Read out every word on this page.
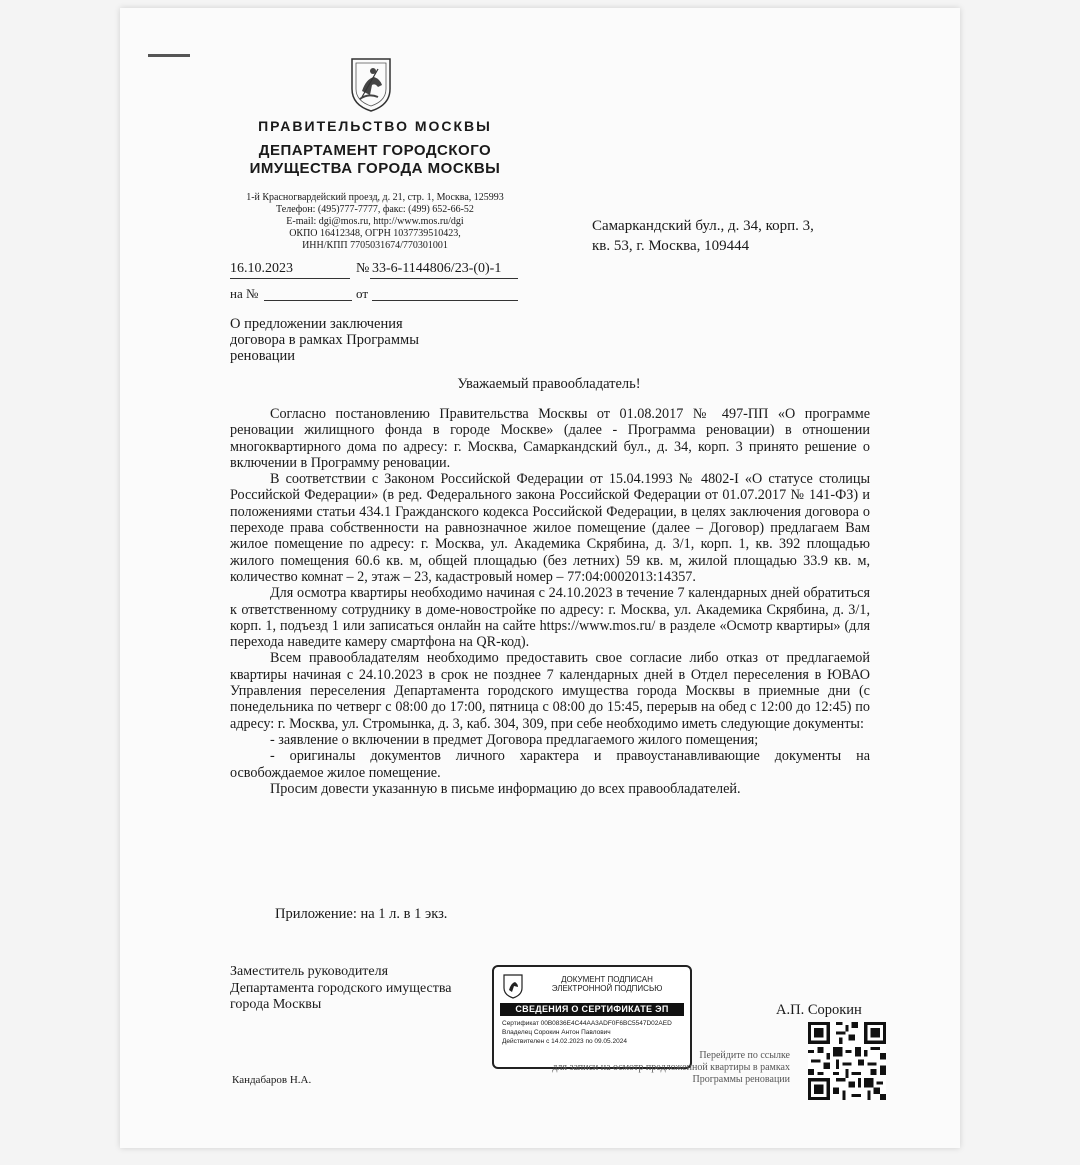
ПРАВИТЕЛЬСТВО МОСКВЫ
ДЕПАРТАМЕНТ ГОРОДСКОГО
ИМУЩЕСТВА ГОРОДА МОСКВЫ
1-й Красногвардейский проезд, д. 21, стр. 1, Москва, 125993
Телефон: (495)777-7777, факс: (499) 652-66-52
E-mail: dgi@mos.ru, http://www.mos.ru/dgi
ОКПО 16412348, ОГРН 1037739510423,
ИНН/КПП 7705031674/770301001
Самаркандский бул., д. 34, корп. 3,
кв. 53, г. Москва, 109444
16.10.2023	№ 33-6-1144806/23-(0)-1
на №	от
О предложении заключения
договора в рамках Программы
реновации
Уважаемый правообладатель!

Согласно постановлению Правительства Москвы от 01.08.2017 № 497-ПП «О программе реновации жилищного фонда в городе Москве» (далее - Программа реновации) в отношении многоквартирного дома по адресу: г. Москва, Самаркандский бул., д. 34, корп. 3 принято решение о включении в Программу реновации.

В соответствии с Законом Российской Федерации от 15.04.1993 № 4802-I «О статусе столицы Российской Федерации» (в ред. Федерального закона Российской Федерации от 01.07.2017 № 141-ФЗ) и положениями статьи 434.1 Гражданского кодекса Российской Федерации, в целях заключения договора о переходе права собственности на равнозначное жилое помещение (далее – Договор) предлагаем Вам жилое помещение по адресу: г. Москва, ул. Академика Скрябина, д. 3/1, корп. 1, кв. 392 площадью жилого помещения 60.6 кв. м, общей площадью (без летних) 59 кв. м, жилой площадью 33.9 кв. м, количество комнат – 2, этаж – 23, кадастровый номер – 77:04:0002013:14357.

Для осмотра квартиры необходимо начиная с 24.10.2023 в течение 7 календарных дней обратиться к ответственному сотруднику в доме-новостройке по адресу: г. Москва, ул. Академика Скрябина, д. 3/1, корп. 1, подъезд 1 или записаться онлайн на сайте https://www.mos.ru/ в разделе «Осмотр квартиры» (для перехода наведите камеру смартфона на QR-код).

Всем правообладателям необходимо предоставить свое согласие либо отказ от предлагаемой квартиры начиная с 24.10.2023 в срок не позднее 7 календарных дней в Отдел переселения в ЮВАО Управления переселения Департамента городского имущества города Москвы в приемные дни (с понедельника по четверг с 08:00 до 17:00, пятница с 08:00 до 15:45, перерыв на обед с 12:00 до 12:45) по адресу: г. Москва, ул. Стромынка, д. 3, каб. 304, 309, при себе необходимо иметь следующие документы:

- заявление о включении в предмет Договора предлагаемого жилого помещения;

- оригиналы документов личного характера и правоустанавливающие документы на освобождаемое жилое помещение.

Просим довести указанную в письме информацию до всех правообладателей.

Приложение: на 1 л. в 1 экз.
Заместитель руководителя
Департамента городского имущества
города Москвы
ДОКУМЕНТ ПОДПИСАН
ЭЛЕКТРОННОЙ ПОДПИСЬЮ
СВЕДЕНИЯ О СЕРТИФИКАТЕ ЭП
Сертификат 00B0836E4C44AA3ADF0F6BC5547D02AED
Владелец Сорокин Антон Павлович
Действителен с 14.02.2023 по 09.05.2024
А.П. Сорокин
Перейдите по ссылке
для записи на осмотр предложенной квартиры в рамках
Программы реновации
Кандабаров Н.А.
